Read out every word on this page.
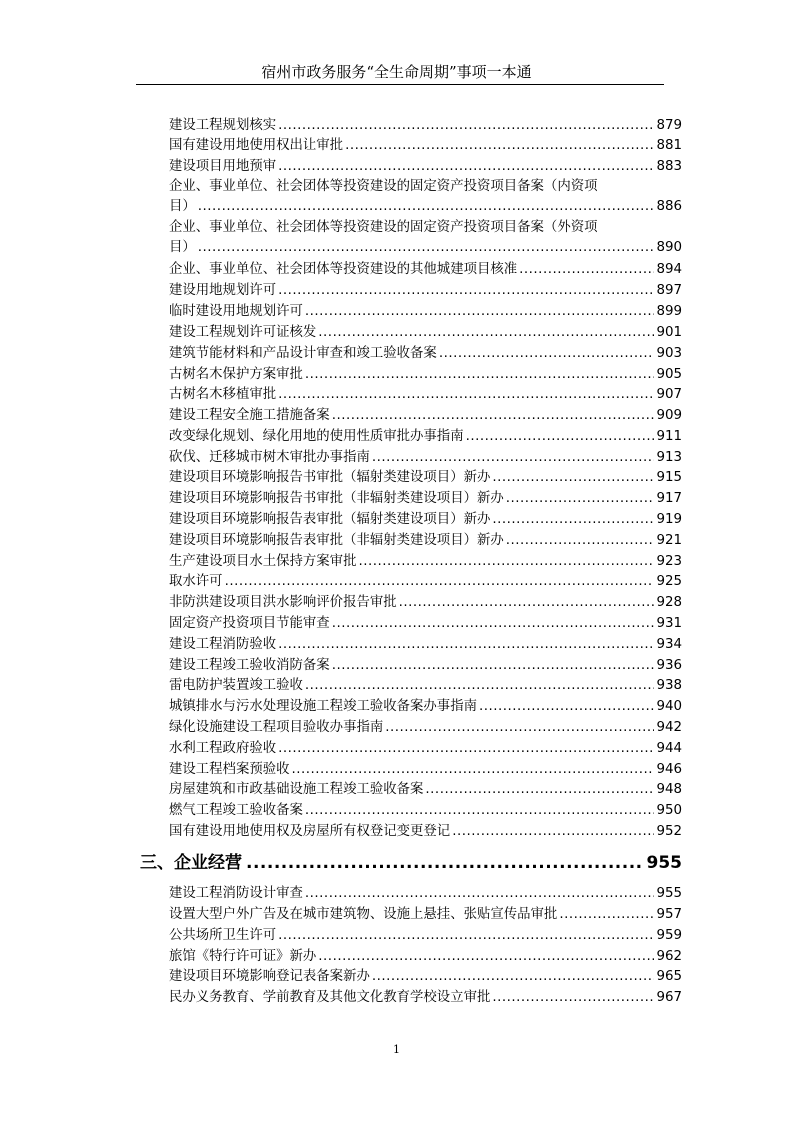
宿州市政务服务“全生命周期”事项一本通
建设工程规划核实 .....	879
国有建设用地使用权出让审批 .....	881
建设项目用地预审 .....	883
企业、事业单位、社会团体等投资建设的固定资产投资项目备案（内资项
目） .....	886
企业、事业单位、社会团体等投资建设的固定资产投资项目备案（外资项
目） .....	890
企业、事业单位、社会团体等投资建设的其他城建项目核准 .....	894
建设用地规划许可 .....	897
临时建设用地规划许可 .....	899
建设工程规划许可证核发 .....	901
建筑节能材料和产品设计审查和竣工验收备案 .....	903
古树名木保护方案审批 .....	905
古树名木移植审批 .....	907
建设工程安全施工措施备案 .....	909
改变绿化规划、绿化用地的使用性质审批办事指南 .....	911
砍伐、迁移城市树木审批办事指南 .....	913
建设项目环境影响报告书审批（辐射类建设项目）新办 .....	915
建设项目环境影响报告书审批（非辐射类建设项目）新办 .....	917
建设项目环境影响报告表审批（辐射类建设项目）新办 .....	919
建设项目环境影响报告表审批（非辐射类建设项目）新办 .....	921
生产建设项目水土保持方案审批 .....	923
取水许可 .....	925
非防洪建设项目洪水影响评价报告审批 .....	928
固定资产投资项目节能审查 .....	931
建设工程消防验收 .....	934
建设工程竣工验收消防备案 .....	936
雷电防护装置竣工验收 .....	938
城镇排水与污水处理设施工程竣工验收备案办事指南 .....	940
绿化设施建设工程项目验收办事指南 .....	942
水利工程政府验收 .....	944
建设工程档案预验收 .....	946
房屋建筑和市政基础设施工程竣工验收备案 .....	948
燃气工程竣工验收备案 .....	950
国有建设用地使用权及房屋所有权登记变更登记 .....	952
三、企业经营 .....	955
建设工程消防设计审查 .....	955
设置大型户外广告及在城市建筑物、设施上悬挂、张贴宣传品审批 .....	957
公共场所卫生许可 .....	959
旅馆《特行许可证》新办 .....	962
建设项目环境影响登记表备案新办 .....	965
民办义务教育、学前教育及其他文化教育学校设立审批 .....	967
1
